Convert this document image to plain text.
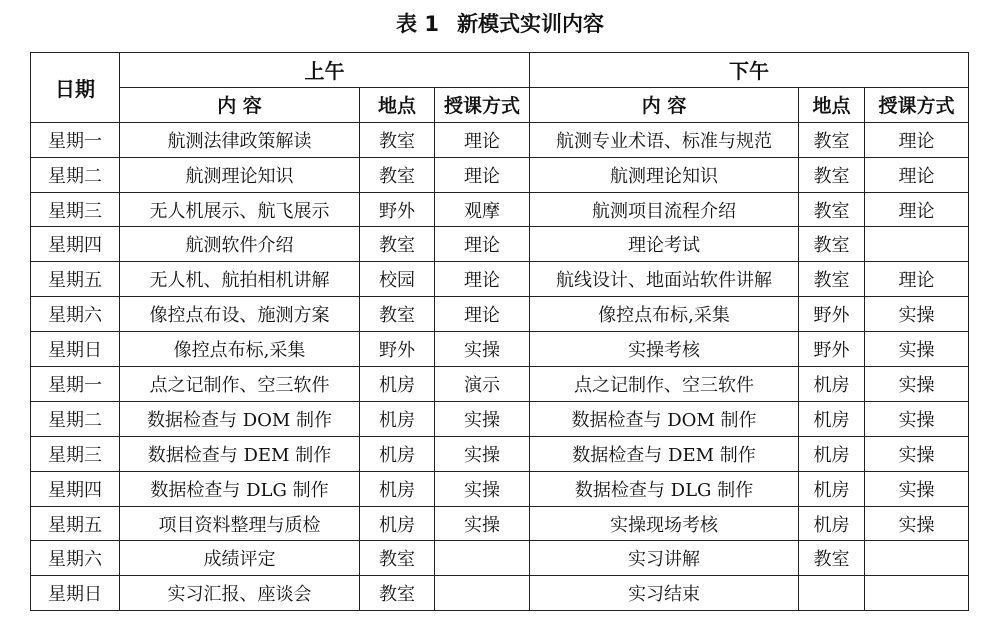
表 1 新模式实训内容
日期	上午			下午		
	内 容	地点	授课方式	内 容	地点	授课方式
星期一	航测法律政策解读	教室	理论	航测专业术语、标准与规范	教室	理论
星期二	航测理论知识	教室	理论	航测理论知识	教室	理论
星期三	无人机展示、航飞展示	野外	观摩	航测项目流程介绍	教室	理论
星期四	航测软件介绍	教室	理论	理论考试	教室	
星期五	无人机、航拍相机讲解	校园	理论	航线设计、地面站软件讲解	教室	理论
星期六	像控点布设、施测方案	教室	理论	像控点布标,采集	野外	实操
星期日	像控点布标,采集	野外	实操	实操考核	野外	实操
星期一	点之记制作、空三软件	机房	演示	点之记制作、空三软件	机房	实操
星期二	数据检查与 DOM 制作	机房	实操	数据检查与 DOM 制作	机房	实操
星期三	数据检查与 DEM 制作	机房	实操	数据检查与 DEM 制作	机房	实操
星期四	数据检查与 DLG 制作	机房	实操	数据检查与 DLG 制作	机房	实操
星期五	项目资料整理与质检	机房	实操	实操现场考核	机房	实操
星期六	成绩评定	教室		实习讲解	教室	
星期日	实习汇报、座谈会	教室		实习结束		
